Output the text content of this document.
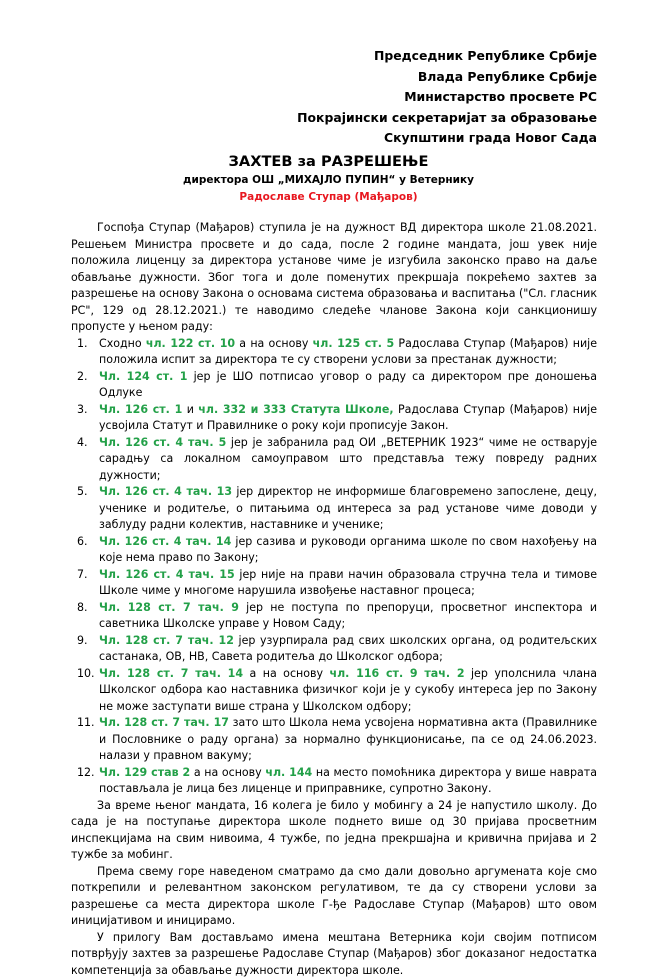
Председник Републике Србије
Влада Републике Србије
Министарство просвете РС
Покрајински секретаријат за образовање
Скупштини града Новог Сада
ЗАХТЕВ за РАЗРЕШЕЊЕ
директора ОШ „МИХАЈЛО ПУПИН“ у Ветернику
Радославе Ступар (Мађаров)

Госпођа Ступар (Мађаров) ступила је на дужност ВД директора школе 21.08.2021. Решењем Министра просвете и до сада, после 2 године мандата, још увек није положила лиценцу за директора установе чиме је изгубила законско право на даље обављање дужности. Због тога и доле поменутих прекршаја покрећемо захтев за разрешење на основу Закона о основама система образовања и васпитања ("Сл. гласник РС", 129 од 28.12.2021.) те наводимо следеће чланове Закона који санкционишу пропусте у њеном раду:

1. Сходно чл. 122 ст. 10 а на основу чл. 125 ст. 5 Радослава Ступар (Мађаров) није положила испит за директора те су створени услови за престанак дужности;
2. Чл. 124 ст. 1 јер је ШО потписао уговор о раду са директором пре доношења Одлуке
3. Чл. 126 ст. 1 и чл. 332 и 333 Статута Школе, Радослава Ступар (Мађаров) није усвојила Статут и Правилнике о року који прописује Закон.
4. Чл. 126 ст. 4 тач. 5 јер је забранила рад ОИ „ВЕТЕРНИК 1923“ чиме не остварује сарадњу са локалном самоуправом што представља тежу повреду радних дужности;
5. Чл. 126 ст. 4 тач. 13 јер директор не информише благовремено запослене, децу, ученике и родитеље, о питањима од интереса за рад установе чиме доводи у заблуду радни колектив, наставнике и ученике;
6. Чл. 126 ст. 4 тач. 14 јер сазива и руководи органима школе по свом нахођењу на које нема право по Закону;
7. Чл. 126 ст. 4 тач. 15 јер није на прави начин образовала стручна тела и тимове Школе чиме у многоме нарушила извођење наставног процеса;
8. Чл. 128 ст. 7 тач. 9 јер не поступа по препоруци, просветног инспектора и саветника Школске управе у Новом Саду;
9. Чл. 128 ст. 7 тач. 12 јер узурпирала рад свих школских органа, од родитељских састанака, ОВ, НВ, Савета родитеља до Школског одбора;
10. Чл. 128 ст. 7 тач. 14 а на основу чл. 116 ст. 9 тач. 2 јер уполснила члана Школског одбора као наставника физичког који је у сукобу интереса јер по Закону не може заступати више страна у Школском одбору;
11. Чл. 128 ст. 7 тач. 17 зато што Школа нема усвојена нормативна акта (Правилнике и Пословнике о раду органа) за нормално функционисање, па се од 24.06.2023. налази у правном вакуму;
12. Чл. 129 став 2 а на основу чл. 144 на место помоћника директора у више наврата постављала је лица без лиценце и приправнике, супротно Закону.

За време њеног мандата, 16 колега је било у мобингу а 24 је напустило школу. До сада је на поступање директора школе поднето више од 30 пријава просветним инспекцијама на свим нивоима, 4 тужбе, по једна прекршајна и кривична пријава и 2 тужбе за мобинг.

Према свему горе наведеном сматрамо да смо дали довољно аргумената које смо поткрепили и релевантном законском регулативом, те да су створени услови за разрешење са места директора школе Г-ђе Радославе Ступар (Мађаров) што овом иницијативом и иницирамо.

У прилогу Вам достављамо имена мештана Ветерника који својим потписом потврђују захтев за разрешење Радославе Ступар (Мађаров) због доказаног недостатка компетенција за обављање дужности директора школе.
